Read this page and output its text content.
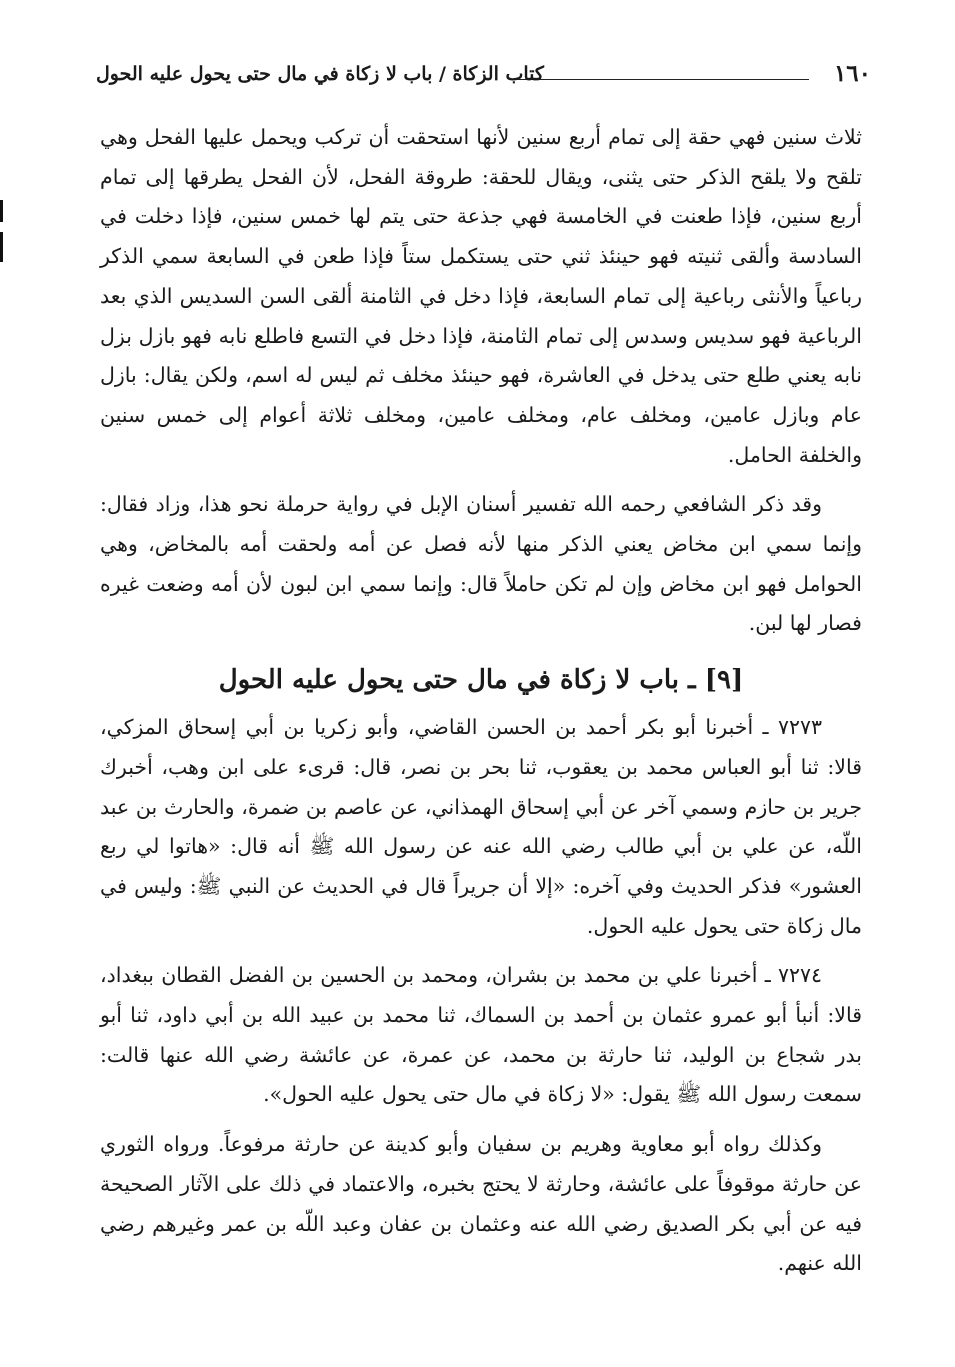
١٦٠
كتاب الزكاة / باب لا زكاة في مال حتى يحول عليه الحول

ثلاث سنين فهي حقة إلى تمام أربع سنين لأنها استحقت أن تركب ويحمل عليها الفحل وهي تلقح ولا يلقح الذكر حتى يثنى، ويقال للحقة: طروقة الفحل، لأن الفحل يطرقها إلى تمام أربع سنين، فإذا طعنت في الخامسة فهي جذعة حتى يتم لها خمس سنين، فإذا دخلت في السادسة وألقى ثنيته فهو حينئذ ثني حتى يستكمل ستاً فإذا طعن في السابعة سمي الذكر رباعياً والأنثى رباعية إلى تمام السابعة، فإذا دخل في الثامنة ألقى السن السديس الذي بعد الرباعية فهو سديس وسدس إلى تمام الثامنة، فإذا دخل في التسع فاطلع نابه فهو بازل بزل نابه يعني طلع حتى يدخل في العاشرة، فهو حينئذ مخلف ثم ليس له اسم، ولكن يقال: بازل عام وبازل عامين، ومخلف عام، ومخلف عامين، ومخلف ثلاثة أعوام إلى خمس سنين والخلفة الحامل.

وقد ذكر الشافعي رحمه الله تفسير أسنان الإبل في رواية حرملة نحو هذا، وزاد فقال: وإنما سمي ابن مخاض يعني الذكر منها لأنه فصل عن أمه ولحقت أمه بالمخاض، وهي الحوامل فهو ابن مخاض وإن لم تكن حاملاً قال: وإنما سمي ابن لبون لأن أمه وضعت غيره فصار لها لبن.

[٩] ـ باب لا زكاة في مال حتى يحول عليه الحول

٧٢٧٣ ـ أخبرنا أبو بكر أحمد بن الحسن القاضي، وأبو زكريا بن أبي إسحاق المزكي، قالا: ثنا أبو العباس محمد بن يعقوب، ثنا بحر بن نصر، قال: قرىء على ابن وهب، أخبرك جرير بن حازم وسمي آخر عن أبي إسحاق الهمذاني، عن عاصم بن ضمرة، والحارث بن عبد اللّه، عن علي بن أبي طالب رضي الله عنه عن رسول الله ﷺ أنه قال: «هاتوا لي ربع العشور» فذكر الحديث وفي آخره: «إلا أن جريراً قال في الحديث عن النبي ﷺ: وليس في مال زكاة حتى يحول عليه الحول.

٧٢٧٤ ـ أخبرنا علي بن محمد بن بشران، ومحمد بن الحسين بن الفضل القطان ببغداد، قالا: أنبأ أبو عمرو عثمان بن أحمد بن السماك، ثنا محمد بن عبيد الله بن أبي داود، ثنا أبو بدر شجاع بن الوليد، ثنا حارثة بن محمد، عن عمرة، عن عائشة رضي الله عنها قالت: سمعت رسول الله ﷺ يقول: «لا زكاة في مال حتى يحول عليه الحول».

وكذلك رواه أبو معاوية وهريم بن سفيان وأبو كدينة عن حارثة مرفوعاً. ورواه الثوري عن حارثة موقوفاً على عائشة، وحارثة لا يحتج بخبره، والاعتماد في ذلك على الآثار الصحيحة فيه عن أبي بكر الصديق رضي الله عنه وعثمان بن عفان وعبد اللّه بن عمر وغيرهم رضي الله عنهم.
